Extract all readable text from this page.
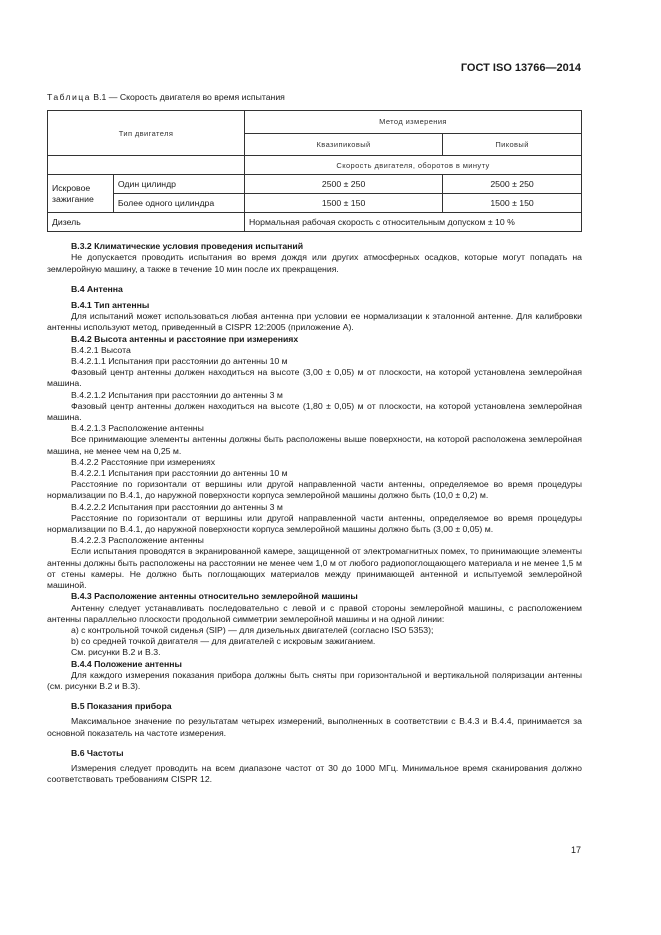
ГОСТ ISO 13766—2014

Таблица В.1 — Скорость двигателя во время испытания

Тип двигателя		Метод измерения	
		Квазипиковый	Пиковый
		Скорость двигателя, оборотов в минуту	
Искровое зажигание	Один цилиндр	2500 ± 250	2500 ± 250
	Более одного цилиндра	1500 ± 150	1500 ± 150
Дизель		Нормальная рабочая скорость с относительным допуском ± 10 %	

В.3.2 Климатические условия проведения испытаний

Не допускается проводить испытания во время дождя или других атмосферных осадков, которые могут попадать на землеройную машину, а также в течение 10 мин после их прекращения.

В.4 Антенна

В.4.1 Тип антенны

Для испытаний может использоваться любая антенна при условии ее нормализации к эталонной антенне. Для калибровки антенны используют метод, приведенный в CISPR 12:2005 (приложение А).

В.4.2 Высота антенны и расстояние при измерениях

В.4.2.1 Высота

В.4.2.1.1 Испытания при расстоянии до антенны 10 м

Фазовый центр антенны должен находиться на высоте (3,00 ± 0,05) м от плоскости, на которой установлена землеройная машина.

В.4.2.1.2 Испытания при расстоянии до антенны 3 м

Фазовый центр антенны должен находиться на высоте (1,80 ± 0,05) м от плоскости, на которой установлена землеройная машина.

В.4.2.1.3 Расположение антенны

Все принимающие элементы антенны должны быть расположены выше поверхности, на которой расположена землеройная машина, не менее чем на 0,25 м.

В.4.2.2 Расстояние при измерениях

В.4.2.2.1 Испытания при расстоянии до антенны 10 м

Расстояние по горизонтали от вершины или другой направленной части антенны, определяемое во время процедуры нормализации по В.4.1, до наружной поверхности корпуса землеройной машины должно быть (10,0 ± 0,2) м.

В.4.2.2.2 Испытания при расстоянии до антенны 3 м

Расстояние по горизонтали от вершины или другой направленной части антенны, определяемое во время процедуры нормализации по В.4.1, до наружной поверхности корпуса землеройной машины должно быть (3,00 ± 0,05) м.

В.4.2.2.3 Расположение антенны

Если испытания проводятся в экранированной камере, защищенной от электромагнитных помех, то принимающие элементы антенны должны быть расположены на расстоянии не менее чем 1,0 м от любого радиопоглощающего материала и не менее 1,5 м от стены камеры. Не должно быть поглощающих материалов между принимающей антенной и испытуемой землеройной машиной.

В.4.3 Расположение антенны относительно землеройной машины

Антенну следует устанавливать последовательно с левой и с правой стороны землеройной машины, с расположением антенны параллельно плоскости продольной симметрии землеройной машины и на одной линии:

a) с контрольной точкой сиденья (SIP) — для дизельных двигателей (согласно ISO 5353);

b) со средней точкой двигателя — для двигателей с искровым зажиганием.

См. рисунки В.2 и В.3.

В.4.4 Положение антенны

Для каждого измерения показания прибора должны быть сняты при горизонтальной и вертикальной поляризации антенны (см. рисунки В.2 и В.3).

В.5 Показания прибора

Максимальное значение по результатам четырех измерений, выполненных в соответствии с В.4.3 и В.4.4, принимается за основной показатель на частоте измерения.

В.6 Частоты

Измерения следует проводить на всем диапазоне частот от 30 до 1000 МГц. Минимальное время сканирования должно соответствовать требованиям CISPR 12.

17
